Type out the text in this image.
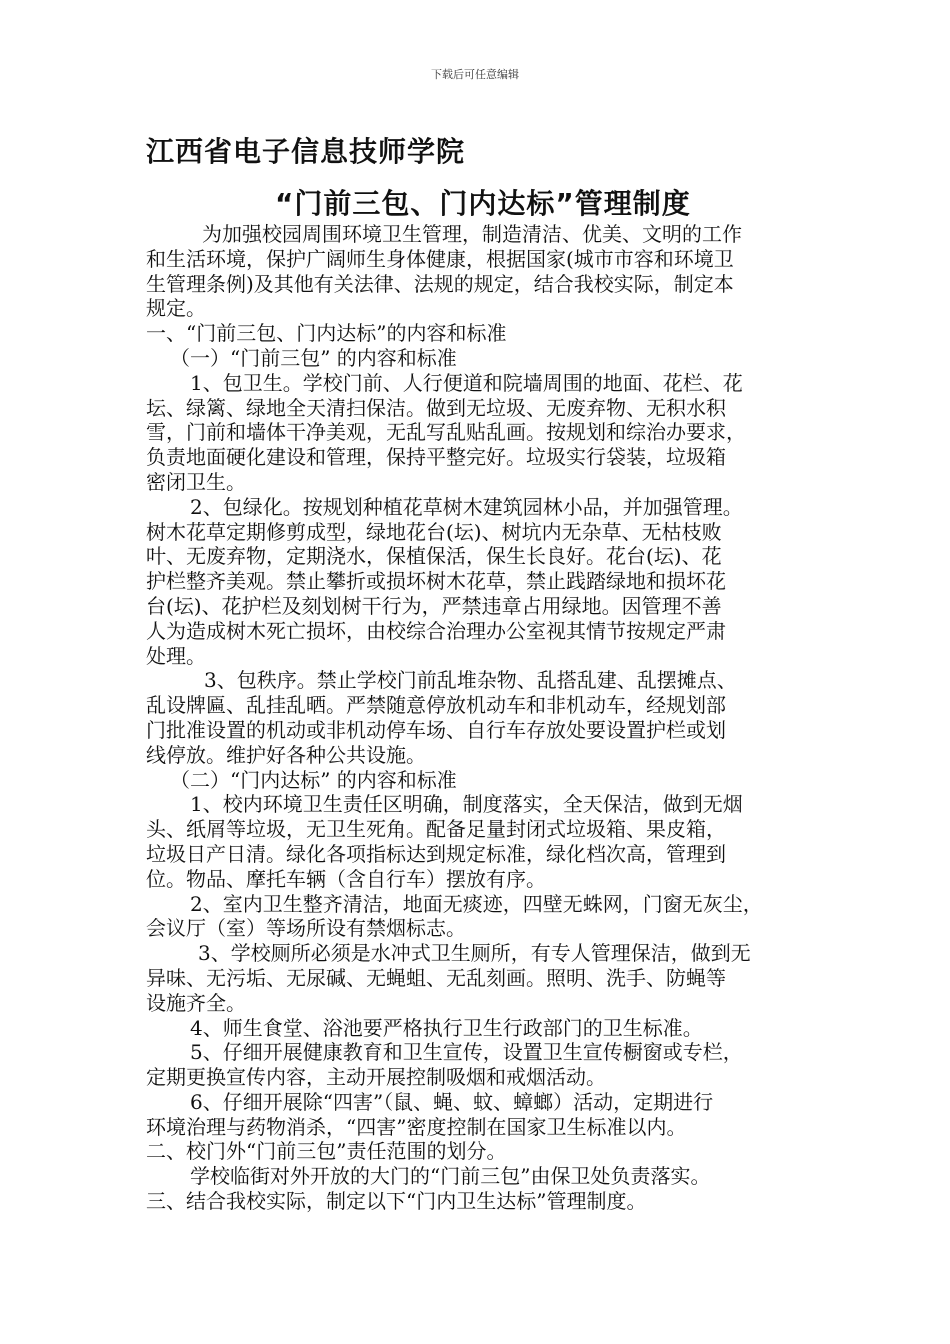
下载后可任意编辑
江西省电子信息技师学院
“门前三包、门内达标”管理制度
为加强校园周围环境卫生管理，制造清洁、优美、文明的工作
和生活环境，保护广阔师生身体健康，根据国家(城市市容和环境卫
生管理条例)及其他有关法律、法规的规定，结合我校实际，制定本
规定。
一、“门前三包、门内达标”的内容和标准
（一）“门前三包” 的内容和标准
1、包卫生。学校门前、人行便道和院墙周围的地面、花栏、花
坛、绿篱、绿地全天清扫保洁。做到无垃圾、无废弃物、无积水积
雪，门前和墙体干净美观，无乱写乱贴乱画。按规划和综治办要求，
负责地面硬化建设和管理，保持平整完好。垃圾实行袋装，垃圾箱
密闭卫生。
2、包绿化。按规划种植花草树木建筑园林小品，并加强管理。
树木花草定期修剪成型，绿地花台(坛)、树坑内无杂草、无枯枝败
叶、无废弃物，定期浇水，保植保活，保生长良好。花台(坛)、花
护栏整齐美观。禁止攀折或损坏树木花草，禁止践踏绿地和损坏花
台(坛)、花护栏及刻划树干行为，严禁违章占用绿地。因管理不善
人为造成树木死亡损坏，由校综合治理办公室视其情节按规定严肃
处理。
3、包秩序。禁止学校门前乱堆杂物、乱搭乱建、乱摆摊点、
乱设牌匾、乱挂乱晒。严禁随意停放机动车和非机动车，经规划部
门批准设置的机动或非机动停车场、自行车存放处要设置护栏或划
线停放。维护好各种公共设施。
（二）“门内达标” 的内容和标准
1、校内环境卫生责任区明确，制度落实，全天保洁，做到无烟
头、纸屑等垃圾，无卫生死角。配备足量封闭式垃圾箱、果皮箱，
垃圾日产日清。绿化各项指标达到规定标准，绿化档次高，管理到
位。物品、摩托车辆（含自行车）摆放有序。
2、室内卫生整齐清洁，地面无痰迹，四壁无蛛网，门窗无灰尘，
会议厅（室）等场所设有禁烟标志。
3、学校厕所必须是水冲式卫生厕所，有专人管理保洁，做到无
异味、无污垢、无尿碱、无蝇蛆、无乱刻画。照明、洗手、防蝇等
设施齐全。
4、师生食堂、浴池要严格执行卫生行政部门的卫生标准。
5、仔细开展健康教育和卫生宣传，设置卫生宣传橱窗或专栏，
定期更换宣传内容，主动开展控制吸烟和戒烟活动。
6、仔细开展除“四害”（鼠、蝇、蚊、蟑螂）活动，定期进行
环境治理与药物消杀，“四害”密度控制在国家卫生标准以内。
二、校门外“门前三包”责任范围的划分。
学校临街对外开放的大门的“门前三包”由保卫处负责落实。
三、结合我校实际，制定以下“门内卫生达标”管理制度。
